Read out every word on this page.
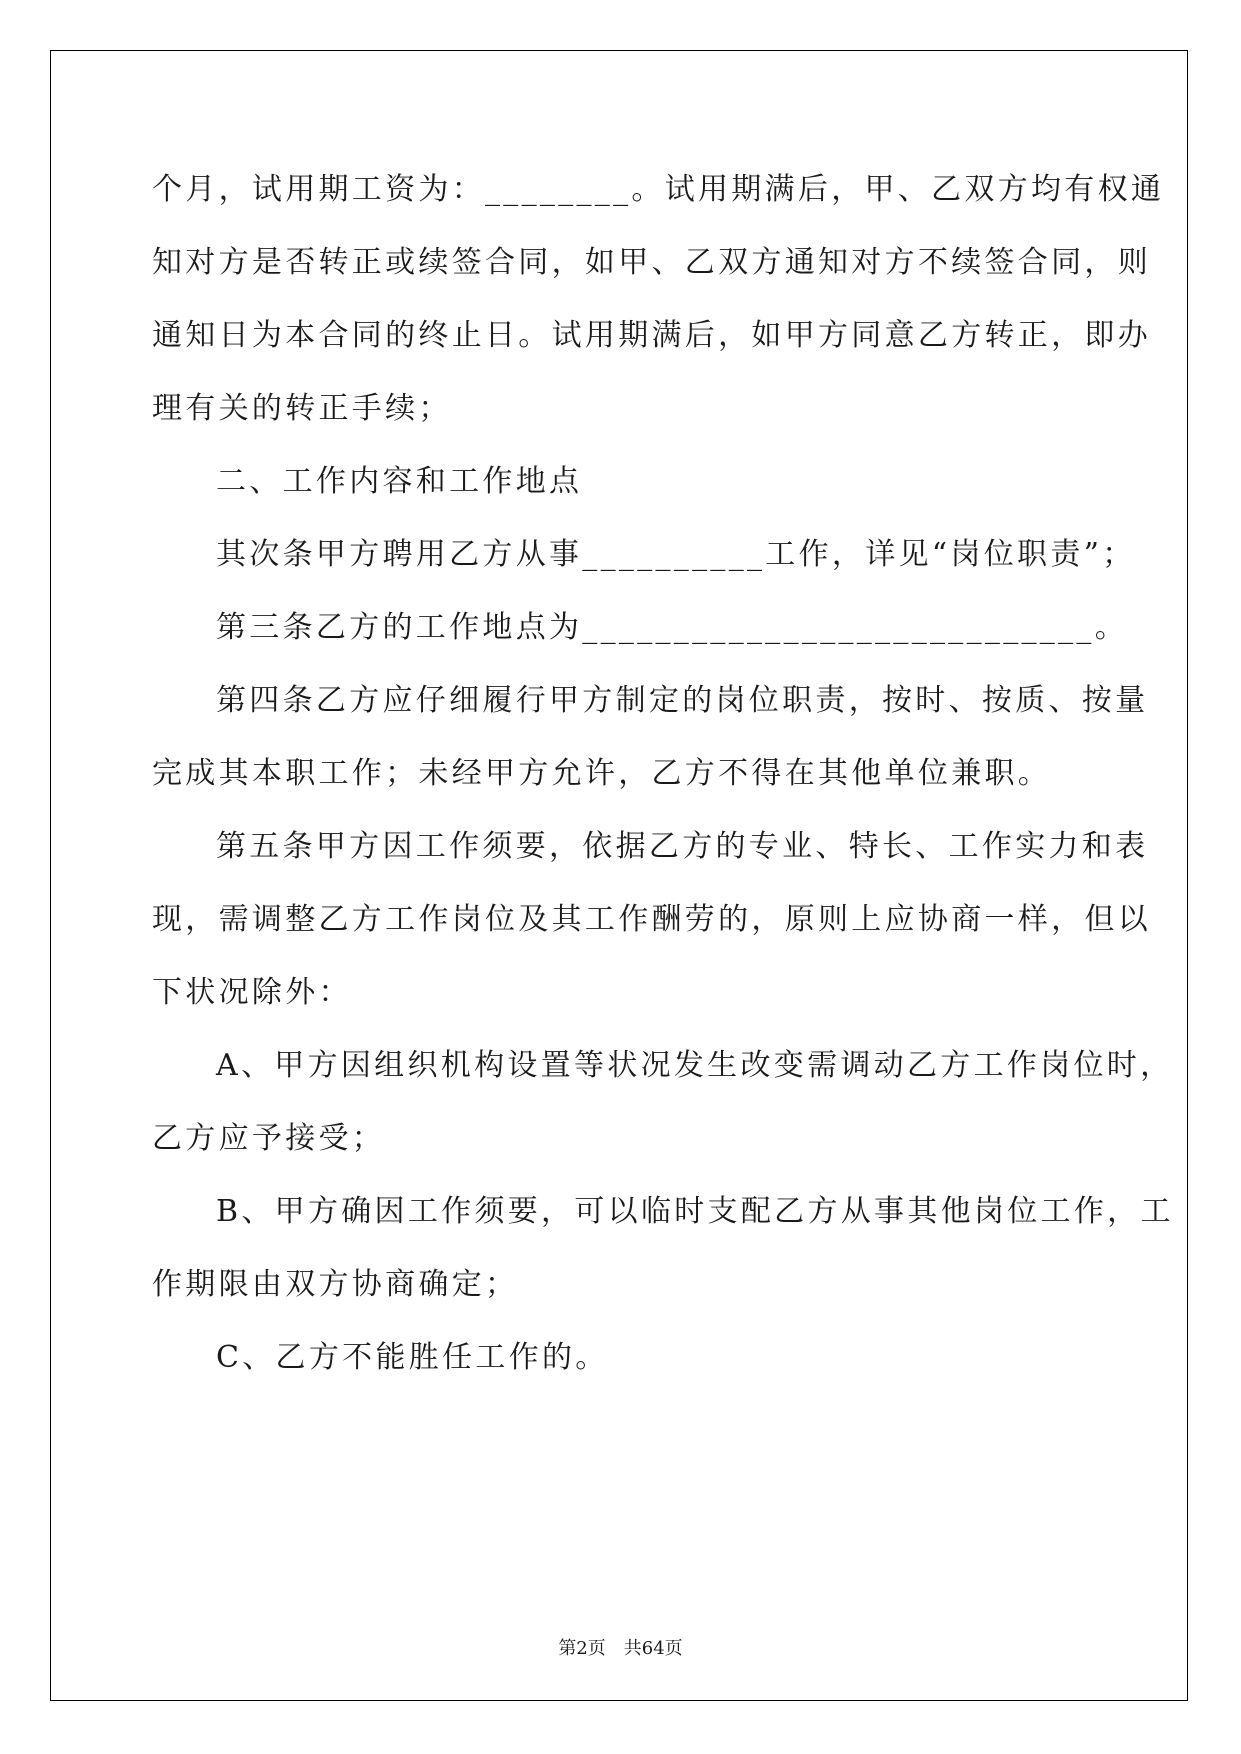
个月，试用期工资为：________。试用期满后，甲、乙双方均有权通
知对方是否转正或续签合同，如甲、乙双方通知对方不续签合同，则
通知日为本合同的终止日。试用期满后，如甲方同意乙方转正，即办
理有关的转正手续；
二、工作内容和工作地点
其次条甲方聘用乙方从事__________工作，详见“岗位职责”；
第三条乙方的工作地点为____________________________。
第四条乙方应仔细履行甲方制定的岗位职责，按时、按质、按量
完成其本职工作；未经甲方允许，乙方不得在其他单位兼职。
第五条甲方因工作须要，依据乙方的专业、特长、工作实力和表
现，需调整乙方工作岗位及其工作酬劳的，原则上应协商一样，但以
下状况除外：
A、甲方因组织机构设置等状况发生改变需调动乙方工作岗位时，
乙方应予接受；
B、甲方确因工作须要，可以临时支配乙方从事其他岗位工作，工
作期限由双方协商确定；
C、乙方不能胜任工作的。
第2页　共64页
